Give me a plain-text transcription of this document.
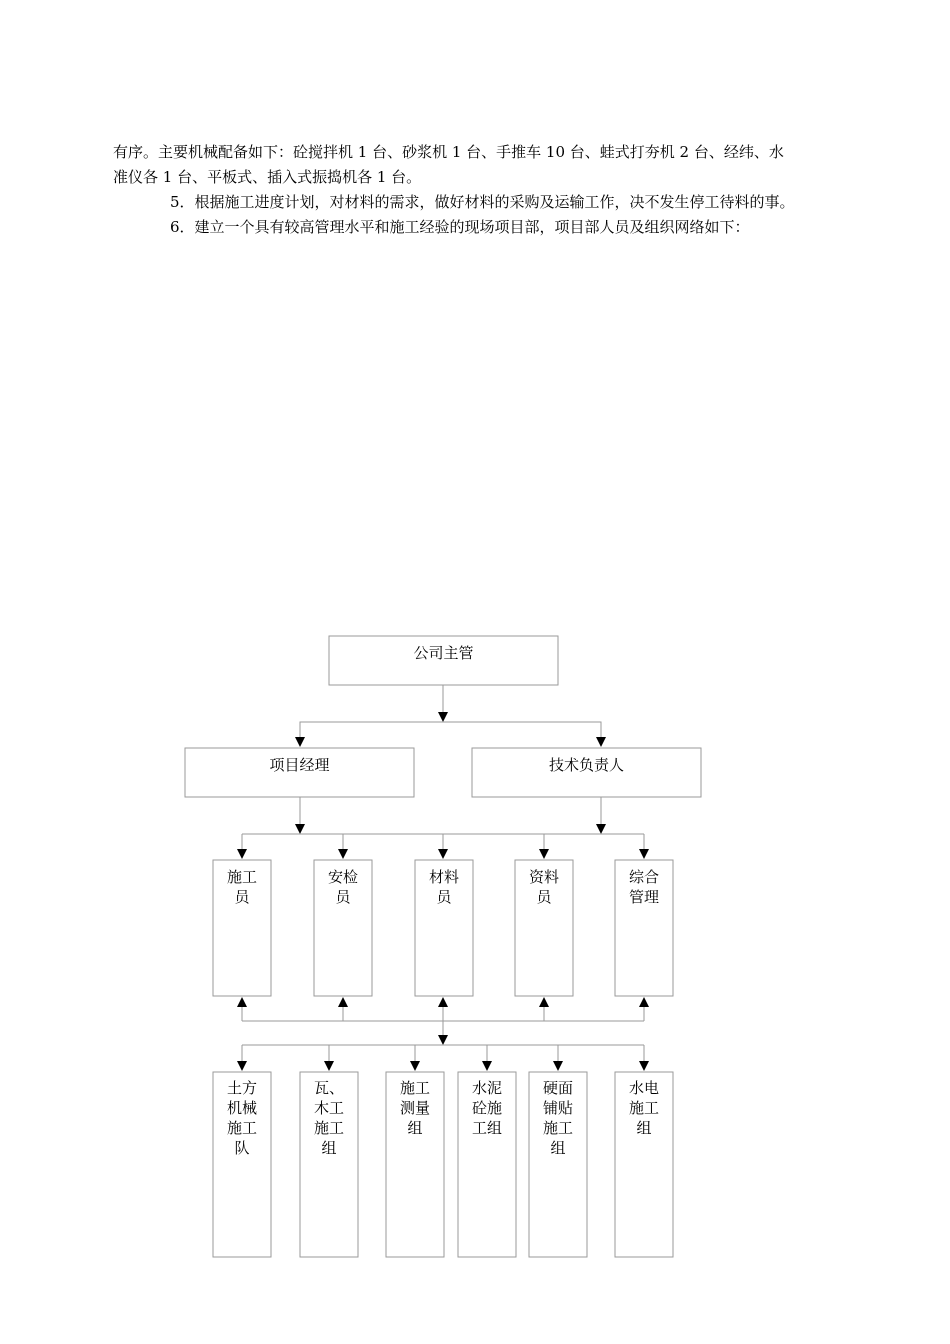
有序。主要机械配备如下：砼搅拌机 1 台、砂浆机 1 台、手推车 10 台、蛙式打夯机 2 台、经纬、水

准仪各 1 台、平板式、插入式振捣机各 1 台。

5．根据施工进度计划，对材料的需求，做好材料的采购及运输工作，决不发生停工待料的事。

6．建立一个具有较高管理水平和施工经验的现场项目部，项目部人员及组织网络如下：

公司主管
项目经理	技术负责人
施工
员
安检
员
材料
员
资料
员
综合
管理
土方
机械
施工
队
瓦、
木工
施工
组
施工
测量
组
水泥
砼施
工组
硬面
铺贴
施工
组
水电
施工
组
